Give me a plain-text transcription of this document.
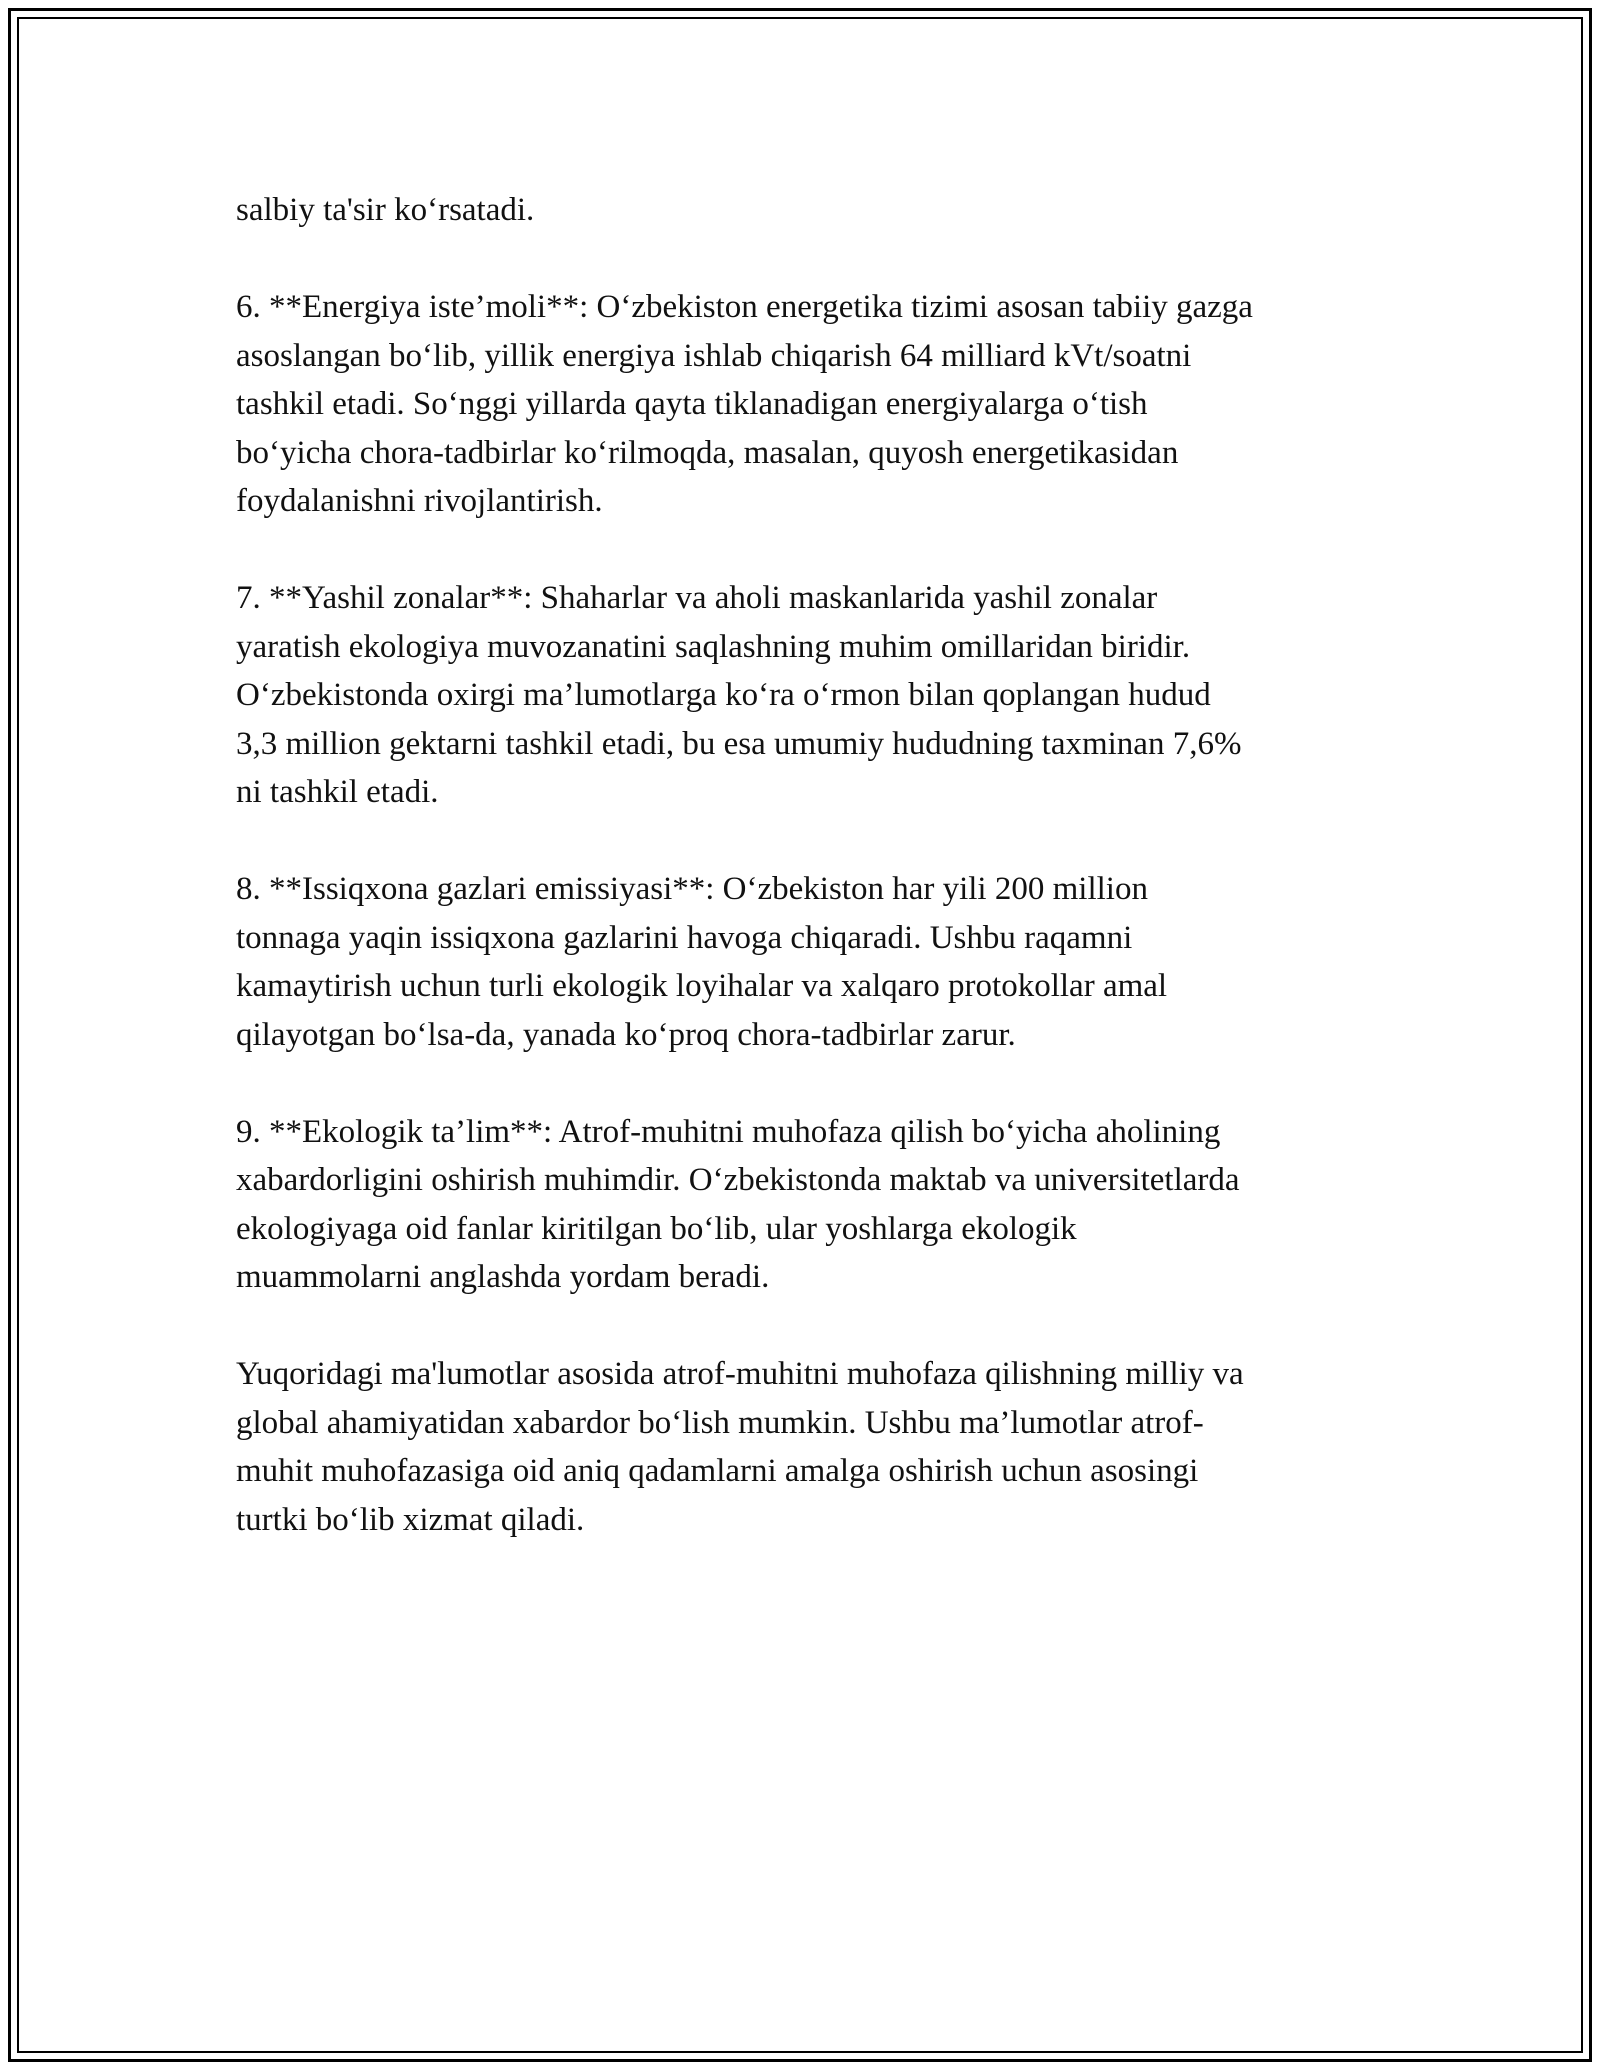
salbiy ta'sir ko‘rsatadi.

6. **Energiya iste’moli**: O‘zbekiston energetika tizimi asosan tabiiy gazga
asoslangan bo‘lib, yillik energiya ishlab chiqarish 64 milliard kVt/soatni
tashkil etadi. So‘nggi yillarda qayta tiklanadigan energiyalarga o‘tish
bo‘yicha chora-tadbirlar ko‘rilmoqda, masalan, quyosh energetikasidan
foydalanishni rivojlantirish.

7. **Yashil zonalar**: Shaharlar va aholi maskanlarida yashil zonalar
yaratish ekologiya muvozanatini saqlashning muhim omillaridan biridir.
O‘zbekistonda oxirgi ma’lumotlarga ko‘ra o‘rmon bilan qoplangan hudud
3,3 million gektarni tashkil etadi, bu esa umumiy hududning taxminan 7,6%
ni tashkil etadi.

8. **Issiqxona gazlari emissiyasi**: O‘zbekiston har yili 200 million
tonnaga yaqin issiqxona gazlarini havoga chiqaradi. Ushbu raqamni
kamaytirish uchun turli ekologik loyihalar va xalqaro protokollar amal
qilayotgan bo‘lsa-da, yanada ko‘proq chora-tadbirlar zarur.

9. **Ekologik ta’lim**: Atrof-muhitni muhofaza qilish bo‘yicha aholining
xabardorligini oshirish muhimdir. O‘zbekistonda maktab va universitetlarda
ekologiyaga oid fanlar kiritilgan bo‘lib, ular yoshlarga ekologik
muammolarni anglashda yordam beradi.

Yuqoridagi ma'lumotlar asosida atrof-muhitni muhofaza qilishning milliy va
global ahamiyatidan xabardor bo‘lish mumkin. Ushbu ma’lumotlar atrof-
muhit muhofazasiga oid aniq qadamlarni amalga oshirish uchun asosingi
turtki bo‘lib xizmat qiladi.
